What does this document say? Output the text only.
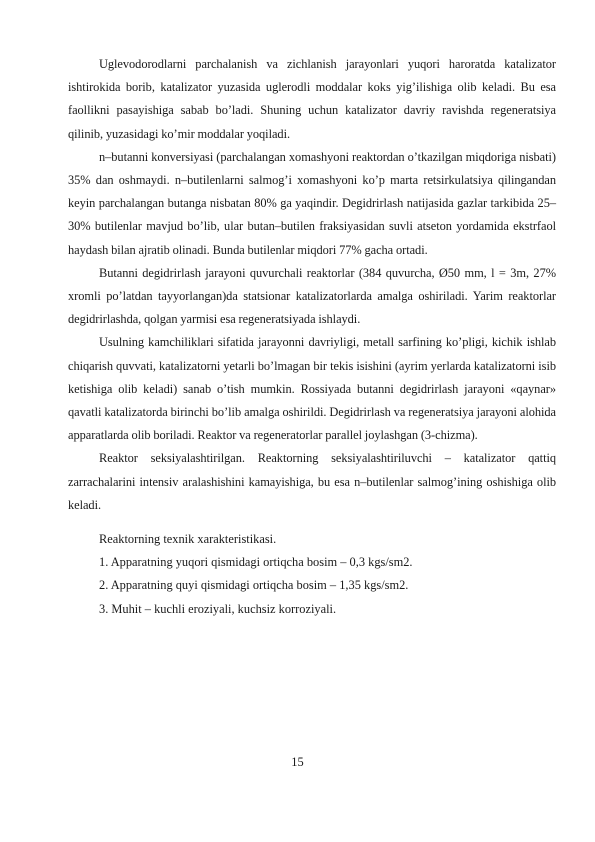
Uglevodorodlarni parchalanish va zichlanish jarayonlari yuqori haroratda katalizator ishtirokida borib, katalizator yuzasida uglerodli moddalar koks yig’ilishiga olib keladi. Bu esa faollikni pasayishiga sabab bo’ladi. Shuning uchun katalizator davriy ravishda regeneratsiya qilinib, yuzasidagi ko’mir moddalar yoqiladi.

n–butanni konversiyasi (parchalangan xomashyoni reaktordan o’tkazilgan miqdoriga nisbati) 35% dan oshmaydi. n–butilenlarni salmog’i xomashyoni ko’p marta retsirkulatsiya qilingandan keyin parchalangan butanga nisbatan 80% ga yaqindir. Degidrirlash natijasida gazlar tarkibida 25–30% butilenlar mavjud bo’lib, ular butan–butilen fraksiyasidan suvli atseton yordamida ekstrfaol haydash bilan ajratib olinadi. Bunda butilenlar miqdori 77% gacha ortadi.

Butanni degidrirlash jarayoni quvurchali reaktorlar (384 quvurcha, Ø50 mm, l = 3m, 27% xromli po’latdan tayyorlangan)da statsionar katalizatorlarda amalga oshiriladi. Yarim reaktorlar degidrirlashda, qolgan yarmisi esa regeneratsiyada ishlaydi.

Usulning kamchiliklari sifatida jarayonni davriyligi, metall sarfining ko’pligi, kichik ishlab chiqarish quvvati, katalizatorni yetarli bo’lmagan bir tekis isishini (ayrim yerlarda katalizatorni isib ketishiga olib keladi) sanab o’tish mumkin. Rossiyada butanni degidrirlash jarayoni «qaynar» qavatli katalizatorda birinchi bo’lib amalga oshirildi. Degidrirlash va regeneratsiya jarayoni alohida apparatlarda olib boriladi. Reaktor va regeneratorlar parallel joylashgan (3-chizma).

Reaktor seksiyalashtirilgan. Reaktorning seksiyalashtiriluvchi – katalizator qattiq zarrachalarini intensiv aralashishini kamayishiga, bu esa n–butilenlar salmog’ining oshishiga olib keladi.

Reaktorning texnik xarakteristikasi.

1. Apparatning yuqori qismidagi ortiqcha bosim – 0,3 kgs/sm2.

2. Apparatning quyi qismidagi ortiqcha bosim – 1,35 kgs/sm2.

3. Muhit – kuchli eroziyali, kuchsiz korroziyali.

15
